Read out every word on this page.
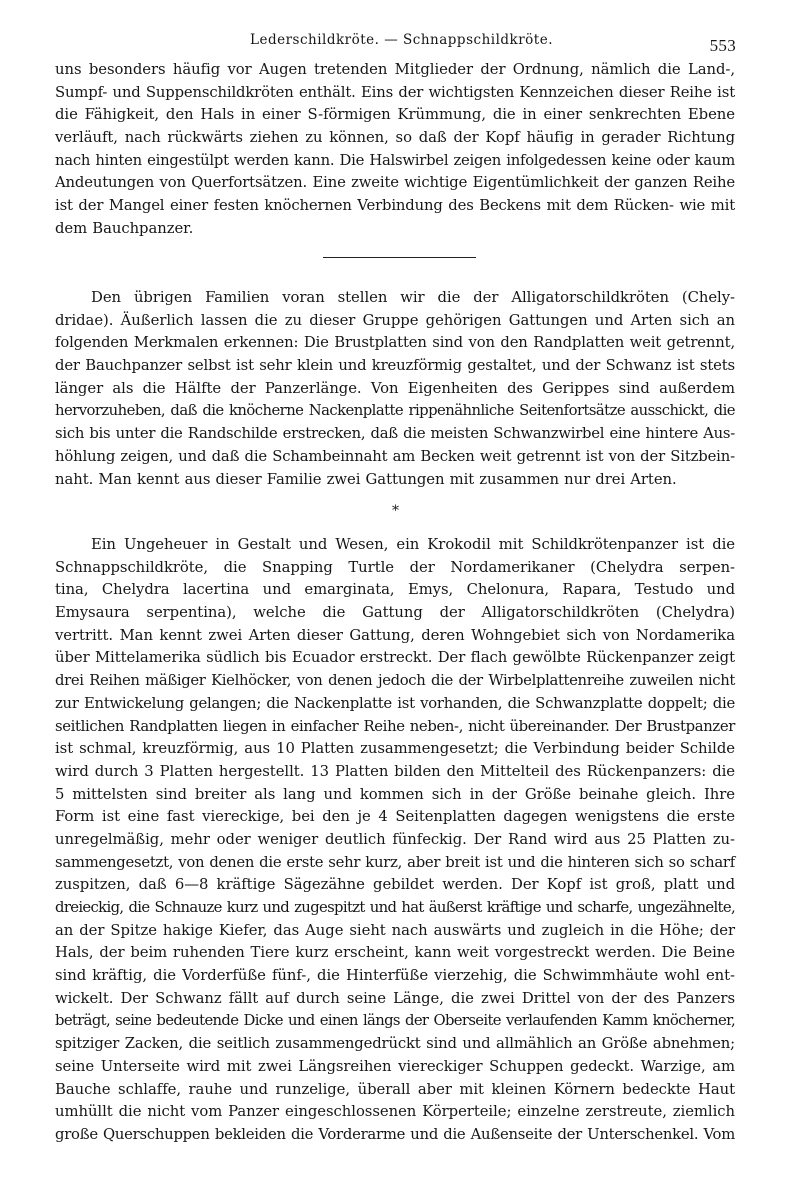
Lederschildkröte. — Schnappschildkröte.	553
uns besonders häufig vor Augen tretenden Mitglieder der Ordnung, nämlich die Land-,
Sumpf- und Suppenschildkröten enthält. Eins der wichtigsten Kennzeichen dieser Reihe ist
die Fähigkeit, den Hals in einer S-förmigen Krümmung, die in einer senkrechten Ebene
verläuft, nach rückwärts ziehen zu können, so daß der Kopf häufig in gerader Richtung
nach hinten eingestülpt werden kann. Die Halswirbel zeigen infolgedessen keine oder kaum
Andeutungen von Querfortsätzen. Eine zweite wichtige Eigentümlichkeit der ganzen Reihe
ist der Mangel einer festen knöchernen Verbindung des Beckens mit dem Rücken- wie mit
dem Bauchpanzer.
Den übrigen Familien voran stellen wir die der Alligatorschildkröten (Chely-
dridae). Äußerlich lassen die zu dieser Gruppe gehörigen Gattungen und Arten sich an
folgenden Merkmalen erkennen: Die Brustplatten sind von den Randplatten weit getrennt,
der Bauchpanzer selbst ist sehr klein und kreuzförmig gestaltet, und der Schwanz ist stets
länger als die Hälfte der Panzerlänge. Von Eigenheiten des Gerippes sind außerdem
hervorzuheben, daß die knöcherne Nackenplatte rippenähnliche Seitenfortsätze ausschickt, die
sich bis unter die Randschilde erstrecken, daß die meisten Schwanzwirbel eine hintere Aus-
höhlung zeigen, und daß die Schambeinnaht am Becken weit getrennt ist von der Sitzbein-
naht. Man kennt aus dieser Familie zwei Gattungen mit zusammen nur drei Arten.
*
Ein Ungeheuer in Gestalt und Wesen, ein Krokodil mit Schildkrötenpanzer ist die
Schnappschildkröte, die Snapping Turtle der Nordamerikaner (Chelydra serpen-
tina, Chelydra lacertina und emarginata, Emys, Chelonura, Rapara, Testudo und
Emysaura serpentina), welche die Gattung der Alligatorschildkröten (Chelydra)
vertritt. Man kennt zwei Arten dieser Gattung, deren Wohngebiet sich von Nordamerika
über Mittelamerika südlich bis Ecuador erstreckt. Der flach gewölbte Rückenpanzer zeigt
drei Reihen mäßiger Kielhöcker, von denen jedoch die der Wirbelplattenreihe zuweilen nicht
zur Entwickelung gelangen; die Nackenplatte ist vorhanden, die Schwanzplatte doppelt; die
seitlichen Randplatten liegen in einfacher Reihe neben-, nicht übereinander. Der Brustpanzer
ist schmal, kreuzförmig, aus 10 Platten zusammengesetzt; die Verbindung beider Schilde
wird durch 3 Platten hergestellt. 13 Platten bilden den Mittelteil des Rückenpanzers: die
5 mittelsten sind breiter als lang und kommen sich in der Größe beinahe gleich. Ihre
Form ist eine fast viereckige, bei den je 4 Seitenplatten dagegen wenigstens die erste
unregelmäßig, mehr oder weniger deutlich fünfeckig. Der Rand wird aus 25 Platten zu-
sammengesetzt, von denen die erste sehr kurz, aber breit ist und die hinteren sich so scharf
zuspitzen, daß 6—8 kräftige Sägezähne gebildet werden. Der Kopf ist groß, platt und
dreieckig, die Schnauze kurz und zugespitzt und hat äußerst kräftige und scharfe, ungezähnelte,
an der Spitze hakige Kiefer, das Auge sieht nach auswärts und zugleich in die Höhe; der
Hals, der beim ruhenden Tiere kurz erscheint, kann weit vorgestreckt werden. Die Beine
sind kräftig, die Vorderfüße fünf-, die Hinterfüße vierzehig, die Schwimmhäute wohl ent-
wickelt. Der Schwanz fällt auf durch seine Länge, die zwei Drittel von der des Panzers
beträgt, seine bedeutende Dicke und einen längs der Oberseite verlaufenden Kamm knöcherner,
spitziger Zacken, die seitlich zusammengedrückt sind und allmählich an Größe abnehmen;
seine Unterseite wird mit zwei Längsreihen viereckiger Schuppen gedeckt. Warzige, am
Bauche schlaffe, rauhe und runzelige, überall aber mit kleinen Körnern bedeckte Haut
umhüllt die nicht vom Panzer eingeschlossenen Körperteile; einzelne zerstreute, ziemlich
große Querschuppen bekleiden die Vorderarme und die Außenseite der Unterschenkel. Vom
